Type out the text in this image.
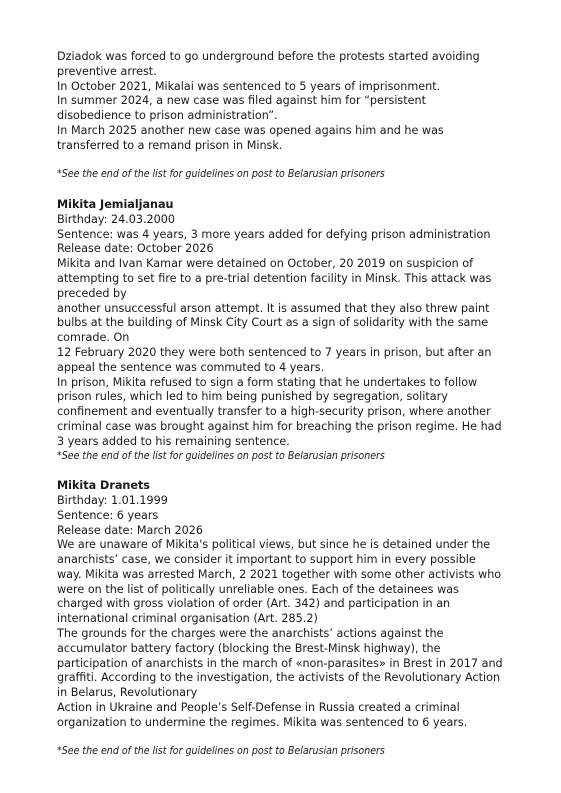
Dziadok was forced to go underground before the protests started avoiding
preventive arrest.
In October 2021, Mikalai was sentenced to 5 years of imprisonment.
In summer 2024, a new case was filed against him for “persistent
disobedience to prison administration”.
In March 2025 another new case was opened agains him and he was
transferred to a remand prison in Minsk.
*See the end of the list for guidelines on post to Belarusian prisoners
Mikita Jemialjanau
Birthday: 24.03.2000
Sentence: was 4 years, 3 more years added for defying prison administration
Release date: October 2026
Mikita and Ivan Kamar were detained on October, 20 2019 on suspicion of
attempting to set fire to a pre-trial detention facility in Minsk. This attack was
preceded by
another unsuccessful arson attempt. It is assumed that they also threw paint
bulbs at the building of Minsk City Court as a sign of solidarity with the same
comrade. On
12 February 2020 they were both sentenced to 7 years in prison, but after an
appeal the sentence was commuted to 4 years.
In prison, Mikita refused to sign a form stating that he undertakes to follow
prison rules, which led to him being punished by segregation, solitary
confinement and eventually transfer to a high-security prison, where another
criminal case was brought against him for breaching the prison regime. He had
3 years added to his remaining sentence.
*See the end of the list for guidelines on post to Belarusian prisoners
Mikita Dranets
Birthday: 1.01.1999
Sentence: 6 years
Release date: March 2026
We are unaware of Mikita's political views, but since he is detained under the
anarchists’ case, we consider it important to support him in every possible
way. Mikita was arrested March, 2 2021 together with some other activists who
were on the list of politically unreliable ones. Each of the detainees was
charged with gross violation of order (Art. 342) and participation in an
international criminal organisation (Art. 285.2)
The grounds for the charges were the anarchists’ actions against the
accumulator battery factory (blocking the Brest-Minsk highway), the
participation of anarchists in the march of «non-parasites» in Brest in 2017 and
graffiti. According to the investigation, the activists of the Revolutionary Action
in Belarus, Revolutionary
Action in Ukraine and People’s Self-Defense in Russia created a criminal
organization to undermine the regimes. Mikita was sentenced to 6 years.
*See the end of the list for guidelines on post to Belarusian prisoners
